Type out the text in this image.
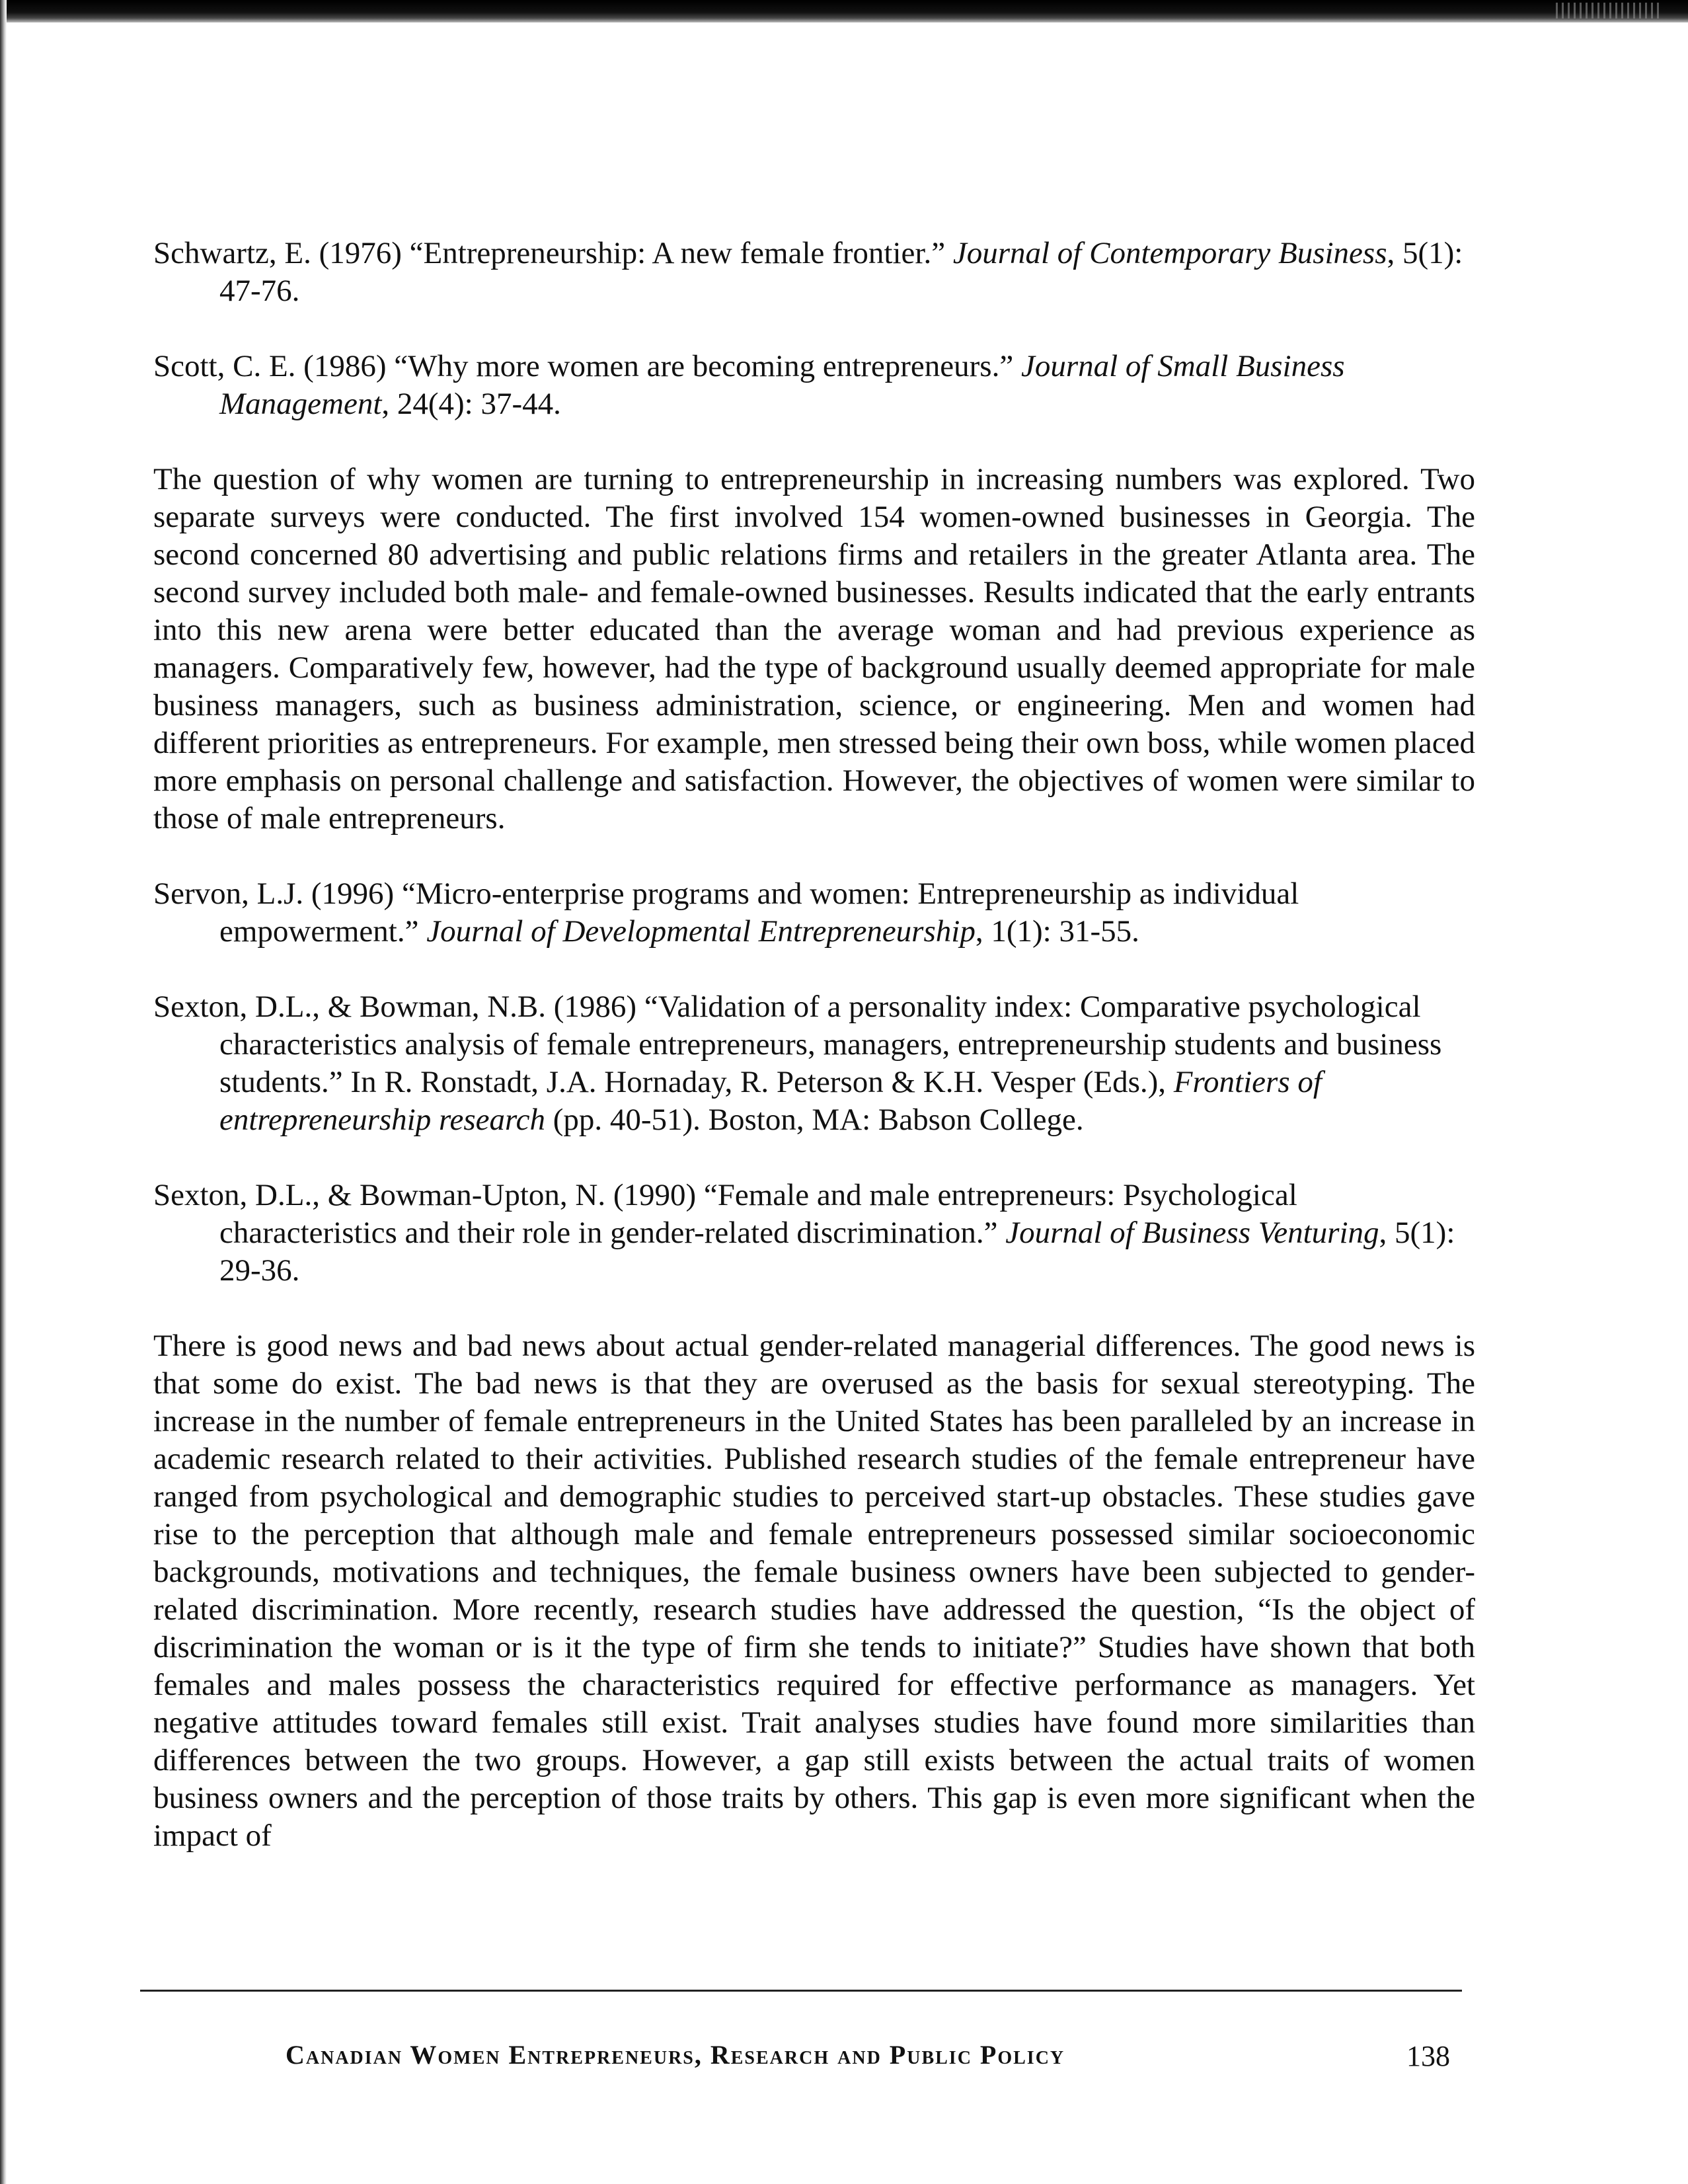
Schwartz, E. (1976) “Entrepreneurship: A new female frontier.” Journal of Contemporary Business, 5(1): 47-76.

Scott, C. E. (1986) “Why more women are becoming entrepreneurs.” Journal of Small Business Management, 24(4): 37-44.

The question of why women are turning to entrepreneurship in increasing numbers was explored. Two separate surveys were conducted. The first involved 154 women-owned businesses in Georgia. The second concerned 80 advertising and public relations firms and retailers in the greater Atlanta area. The second survey included both male- and female-owned businesses. Results indicated that the early entrants into this new arena were better educated than the average woman and had previous experience as managers. Comparatively few, however, had the type of background usually deemed appropriate for male business managers, such as business administration, science, or engineering. Men and women had different priorities as entrepreneurs. For example, men stressed being their own boss, while women placed more emphasis on personal challenge and satisfaction. However, the objectives of women were similar to those of male entrepreneurs.

Servon, L.J. (1996) “Micro-enterprise programs and women: Entrepreneurship as individual empowerment.” Journal of Developmental Entrepreneurship, 1(1): 31-55.

Sexton, D.L., & Bowman, N.B. (1986) “Validation of a personality index: Comparative psychological characteristics analysis of female entrepreneurs, managers, entrepreneurship students and business students.” In R. Ronstadt, J.A. Hornaday, R. Peterson & K.H. Vesper (Eds.), Frontiers of entrepreneurship research (pp. 40-51). Boston, MA: Babson College.

Sexton, D.L., & Bowman-Upton, N. (1990) “Female and male entrepreneurs: Psychological characteristics and their role in gender-related discrimination.” Journal of Business Venturing, 5(1): 29-36.

There is good news and bad news about actual gender-related managerial differences. The good news is that some do exist. The bad news is that they are overused as the basis for sexual stereotyping. The increase in the number of female entrepreneurs in the United States has been paralleled by an increase in academic research related to their activities. Published research studies of the female entrepreneur have ranged from psychological and demographic studies to perceived start-up obstacles. These studies gave rise to the perception that although male and female entrepreneurs possessed similar socioeconomic backgrounds, motivations and techniques, the female business owners have been subjected to gender-related discrimination. More recently, research studies have addressed the question, “Is the object of discrimination the woman or is it the type of firm she tends to initiate?” Studies have shown that both females and males possess the characteristics required for effective performance as managers. Yet negative attitudes toward females still exist. Trait analyses studies have found more similarities than differences between the two groups. However, a gap still exists between the actual traits of women business owners and the perception of those traits by others. This gap is even more significant when the impact of

Canadian Women Entrepreneurs, Research and Public Policy	138
